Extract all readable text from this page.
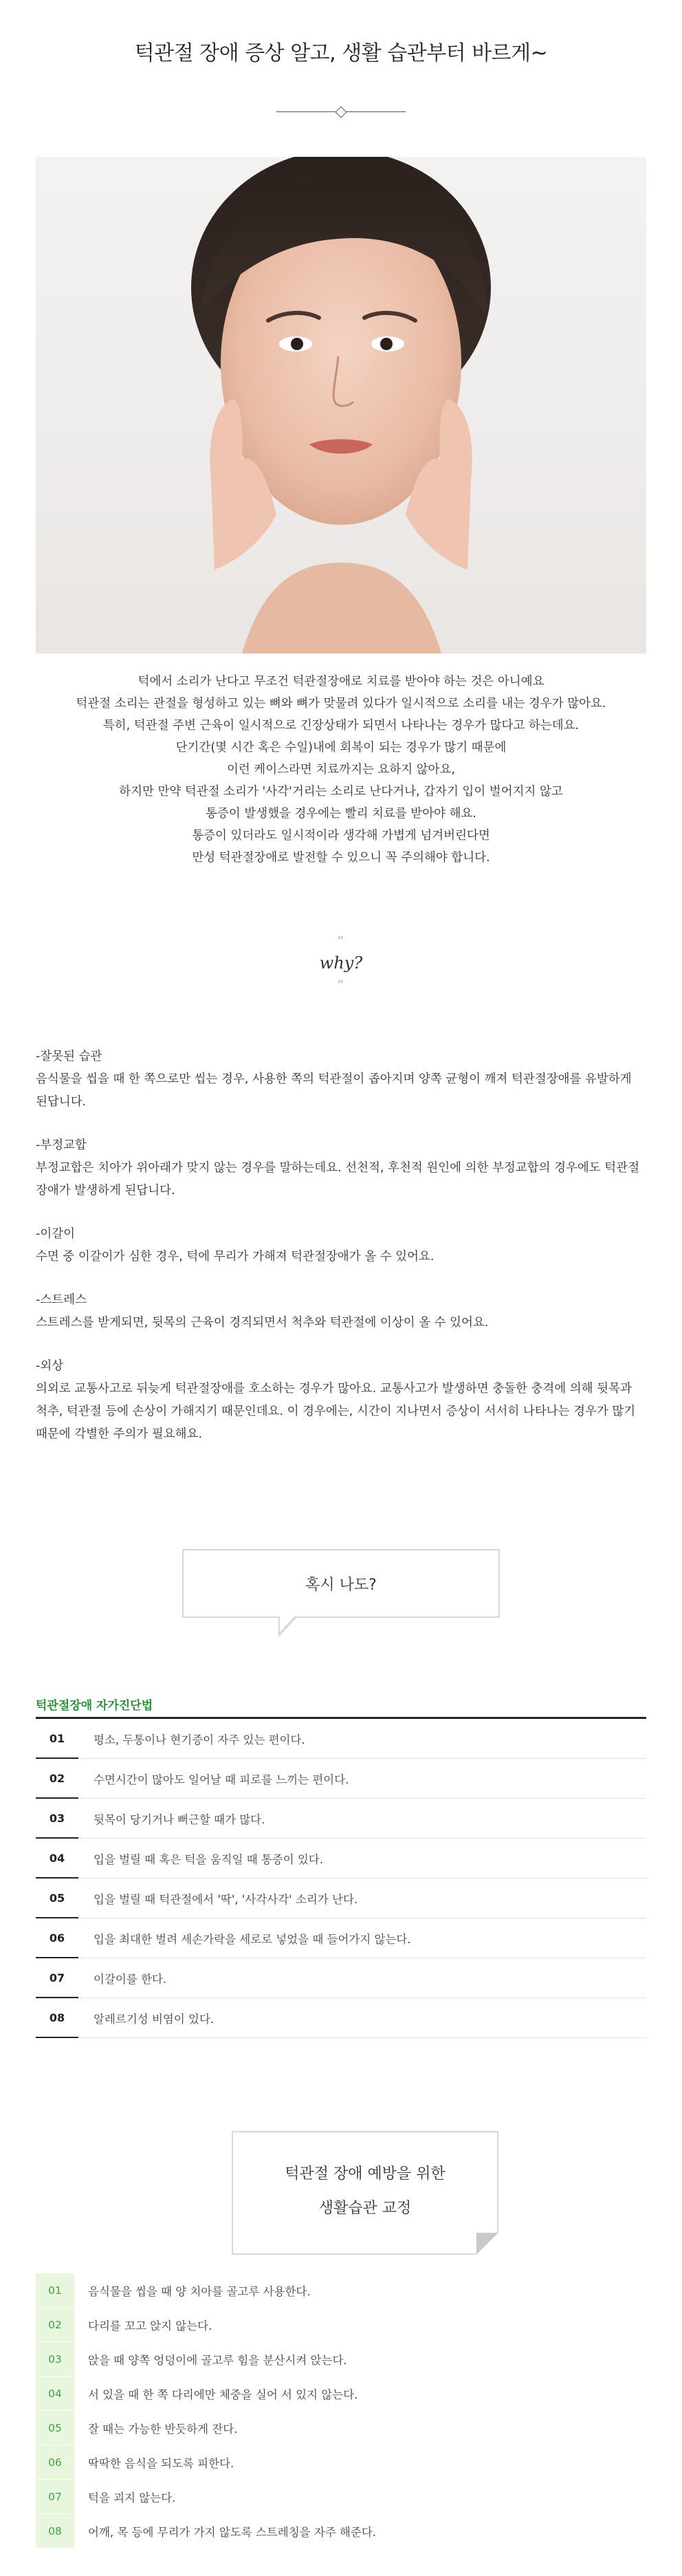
턱관절 장애 증상 알고, 생활 습관부터 바르게~

턱에서 소리가 난다고 무조건 턱관절장애로 치료를 받아야 하는 것은 아니예요

턱관절 소리는 관절을 형성하고 있는 뼈와 뼈가 맞물려 있다가 일시적으로 소리를 내는 경우가 많아요.

특히, 턱관절 주변 근육이 일시적으로 긴장상태가 되면서 나타나는 경우가 많다고 하는데요.

단기간(몇 시간 혹은 수일)내에 회복이 되는 경우가 많기 때문에

이런 케이스라면 치료까지는 요하지 않아요,

하지만 만약 턱관절 소리가 '사각'거리는 소리로 난다거나, 갑자기 입이 벌어지지 않고

통증이 발생했을 경우에는 빨리 치료를 받아야 해요.

통증이 있더라도 일시적이라 생각해 가볍게 넘겨버린다면

만성 턱관절장애로 발전할 수 있으니 꼭 주의해야 합니다.

“
why?
”
-잘못된 습관
음식물을 씹을 때 한 쪽으로만 씹는 경우, 사용한 쪽의 턱관절이 좁아지며 양쪽 균형이 깨져 턱관절장애를 유발하게 된답니다.
-부정교합
부정교합은 치아가 위아래가 맞지 않는 경우를 말하는데요. 선천적, 후천적 원인에 의한 부정교합의 경우에도 턱관절장애가 발생하게 된답니다.
-이갈이
수면 중 이갈이가 심한 경우, 턱에 무리가 가해져 턱관절장애가 올 수 있어요.
-스트레스
스트레스를 받게되면, 뒷목의 근육이 경직되면서 척추와 턱관절에 이상이 올 수 있어요.
-외상
의외로 교통사고로 뒤늦게 턱관절장애를 호소하는 경우가 많아요. 교통사고가 발생하면 충돌한 충격에 의해 뒷목과 척추, 턱관절 등에 손상이 가해지기 때문인데요. 이 경우에는, 시간이 지나면서 증상이 서서히 나타나는 경우가 많기 때문에 각별한 주의가 필요해요.
혹시 나도?
턱관절장애 자가진단법
01	평소, 두통이나 현기증이 자주 있는 편이다.
02	수면시간이 많아도 일어날 때 피로를 느끼는 편이다.
03	뒷목이 당기거나 뻐근할 때가 많다.
04	입을 벌릴 때 혹은 턱을 움직일 때 통증이 있다.
05	입을 벌릴 때 턱관절에서 '딱', '사각사각' 소리가 난다.
06	입을 최대한 벌려 세손가락을 세로로 넣었을 때 들어가지 않는다.
07	이갈이를 한다.
08	알레르기성 비염이 있다.
턱관절 장애 예방을 위한
생활습관 교정
01	음식물을 씹을 때 양 치아를 골고루 사용한다.
02	다리를 꼬고 앉지 않는다.
03	앉을 때 양쪽 엉덩이에 골고루 힘을 분산시켜 앉는다.
04	서 있을 때 한 쪽 다리에만 체중을 실어 서 있지 않는다.
05	잘 때는 가능한 반듯하게 잔다.
06	딱딱한 음식을 되도록 피한다.
07	턱을 괴지 않는다.
08	어깨, 목 등에 무리가 가지 않도록 스트레칭을 자주 해준다.
